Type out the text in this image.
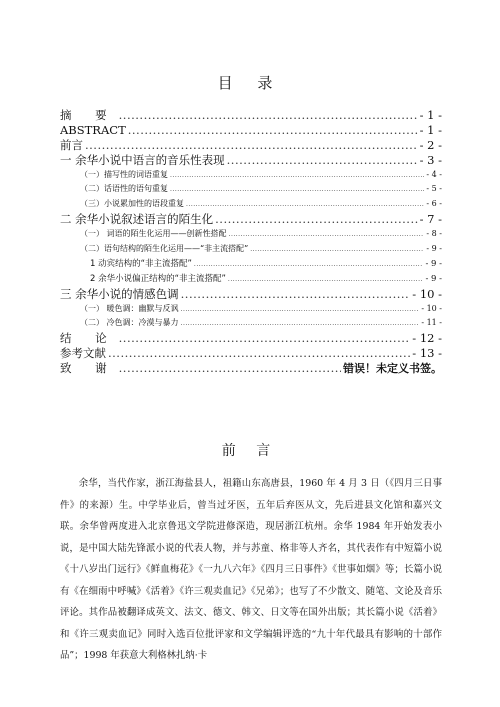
目 录
摘 要 .....	- 1 -
ABSTRACT .....	- 1 -
前言 .....	- 2 -
一 余华小说中语言的音乐性表现 .....	- 3 -
（一）描写性的词语重复 .....	- 4 -
（二）话语性的语句重复 .....	- 5 -
（三）小说累加性的语段重复 .....	- 6 -
二 余华小说叙述语言的陌生化 .....	- 7 -
（一） 词语的陌生化运用——创新性搭配 .....	- 8 -
（二）语句结构的陌生化运用——“非主流搭配” .....	- 9 -
1 动宾结构的“非主流搭配” .....	- 9 -
2 余华小说偏正结构的“非主流搭配” .....	- 9 -
三 余华小说的情感色调 .....	- 10 -
（一） 暖色调：幽默与反讽 .....	- 10 -
（二） 冷色调：冷漠与暴力 .....	- 11 -
结 论 .....	- 12 -
参考文献 .....	- 13 -
致 谢 .....	错误！未定义书签。
前 言

余华，当代作家，浙江海盐县人，祖籍山东高唐县，1960 年 4 月 3 日（《四月三日事件》的来源）生。中学毕业后，曾当过牙医，五年后弃医从文，先后进县文化馆和嘉兴文联。余华曾两度进入北京鲁迅文学院进修深造，现居浙江杭州。余华 1984 年开始发表小说，是中国大陆先锋派小说的代表人物，并与苏童、格非等人齐名，其代表作有中短篇小说《十八岁出门远行》《鲜血梅花》《一九八六年》《四月三日事件》《世事如烟》等；长篇小说有《在细雨中呼喊》《活着》《许三观卖血记》《兄弟》；也写了不少散文、随笔、文论及音乐评论。其作品被翻译成英文、法文、德文、韩文、日文等在国外出版；其长篇小说《活着》和《许三观卖血记》同时入选百位批评家和文学编辑评选的“九十年代最具有影响的十部作品”；1998 年获意大利格林扎纳·卡
